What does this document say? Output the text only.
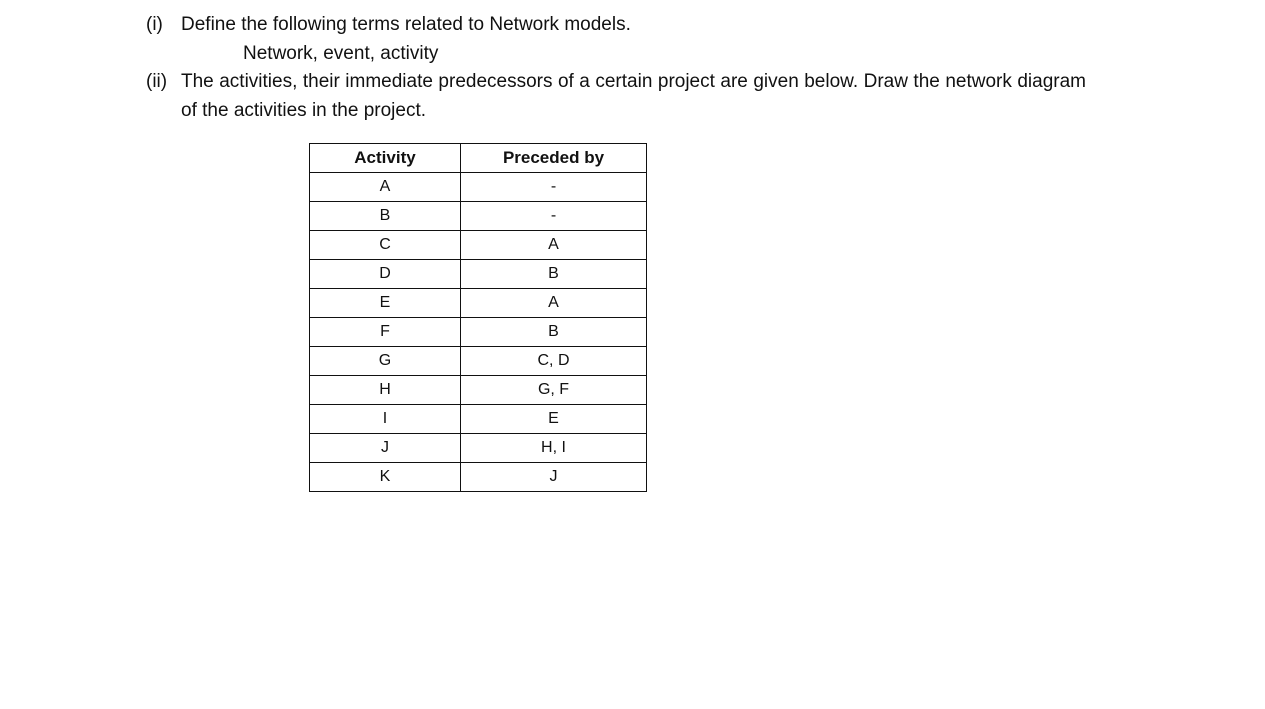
(i) Define the following terms related to Network models.
Network, event, activity
(ii) The activities, their immediate predecessors of a certain project are given below. Draw the network diagram of the activities in the project.
Activity	Preceded by
A	-
B	-
C	A
D	B
E	A
F	B
G	C, D
H	G, F
I	E
J	H, I
K	J
